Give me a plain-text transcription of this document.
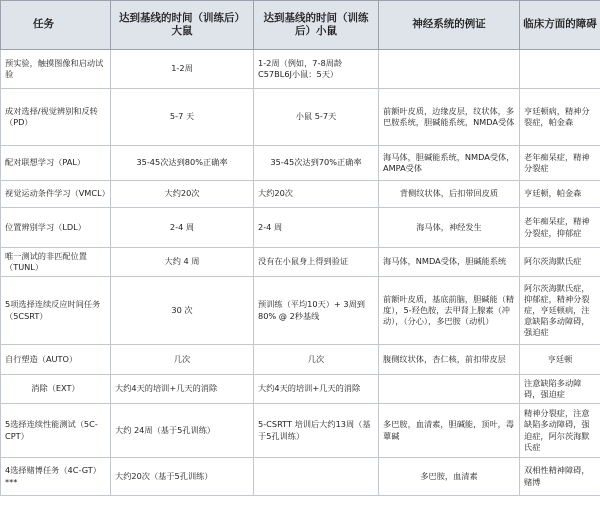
任务	达到基线的时间（训练后）大鼠	达到基线的时间（训练后）小鼠	神经系统的例证	临床方面的障碍
预实验，触摸图像和启动试验	1-2周	1-2周（例如，7-8周龄C57BL6J小鼠：5天）		
成对选择/视觉辨别和反转（PD）	5-7 天	小鼠 5-7天	前额叶皮质，边缘皮层，纹状体，多巴胺系统，胆碱能系统，NMDA受体	亨廷顿病，精神分裂症，帕金森
配对联想学习（PAL）	35-45次达到80%正确率	35-45次达到70%正确率	海马体，胆碱能系统，NMDA受体，AMPA受体	老年痴呆症，精神分裂症
视觉运动条件学习（VMCL）	大约20次	大约20次	背侧纹状体，后扣带回皮质	亨廷顿，帕金森
位置辨别学习（LDL）	2-4 周	2-4 周	海马体，神经发生	老年痴呆症，精神分裂症，抑郁症
唯一测试的非匹配位置（TUNL）	大约 4 周	没有在小鼠身上得到验证	海马体，NMDA受体，胆碱能系统	阿尔茨海默氏症
5项选择连续反应时间任务（5CSRT）	30 次	预训练（平均10天）+ 3周到80% @ 2秒基线	前额叶皮质，基底前脑，胆碱能（精度），5-羟色胺，去甲肾上腺素（冲动），（分心），多巴胺（动机）	阿尔茨海默氏症，抑郁症，精神分裂症，亨廷顿病，注意缺陷多动障碍，强迫症
自行塑造（AUTO）	几次	几次	腹侧纹状体，杏仁核，前扣带皮层	亨廷顿
消除（EXT）	大约4天的培训+几天的消除	大约4天的培训+几天的消除		注意缺陷多动障碍，强迫症
5选择连续性能测试（5C-CPT）	大约 24周（基于5孔训练）	5-CSRTT 培训后大约13周（基于5孔训练）	多巴胺，血清素，胆碱能，顶叶，毒蕈碱	精神分裂症，注意缺陷多动障碍，强迫症，阿尔茨海默氏症
4选择赌博任务（4C-GT）***	大约20次（基于5孔训练）		多巴胺，血清素	双相性精神障碍，赌博
